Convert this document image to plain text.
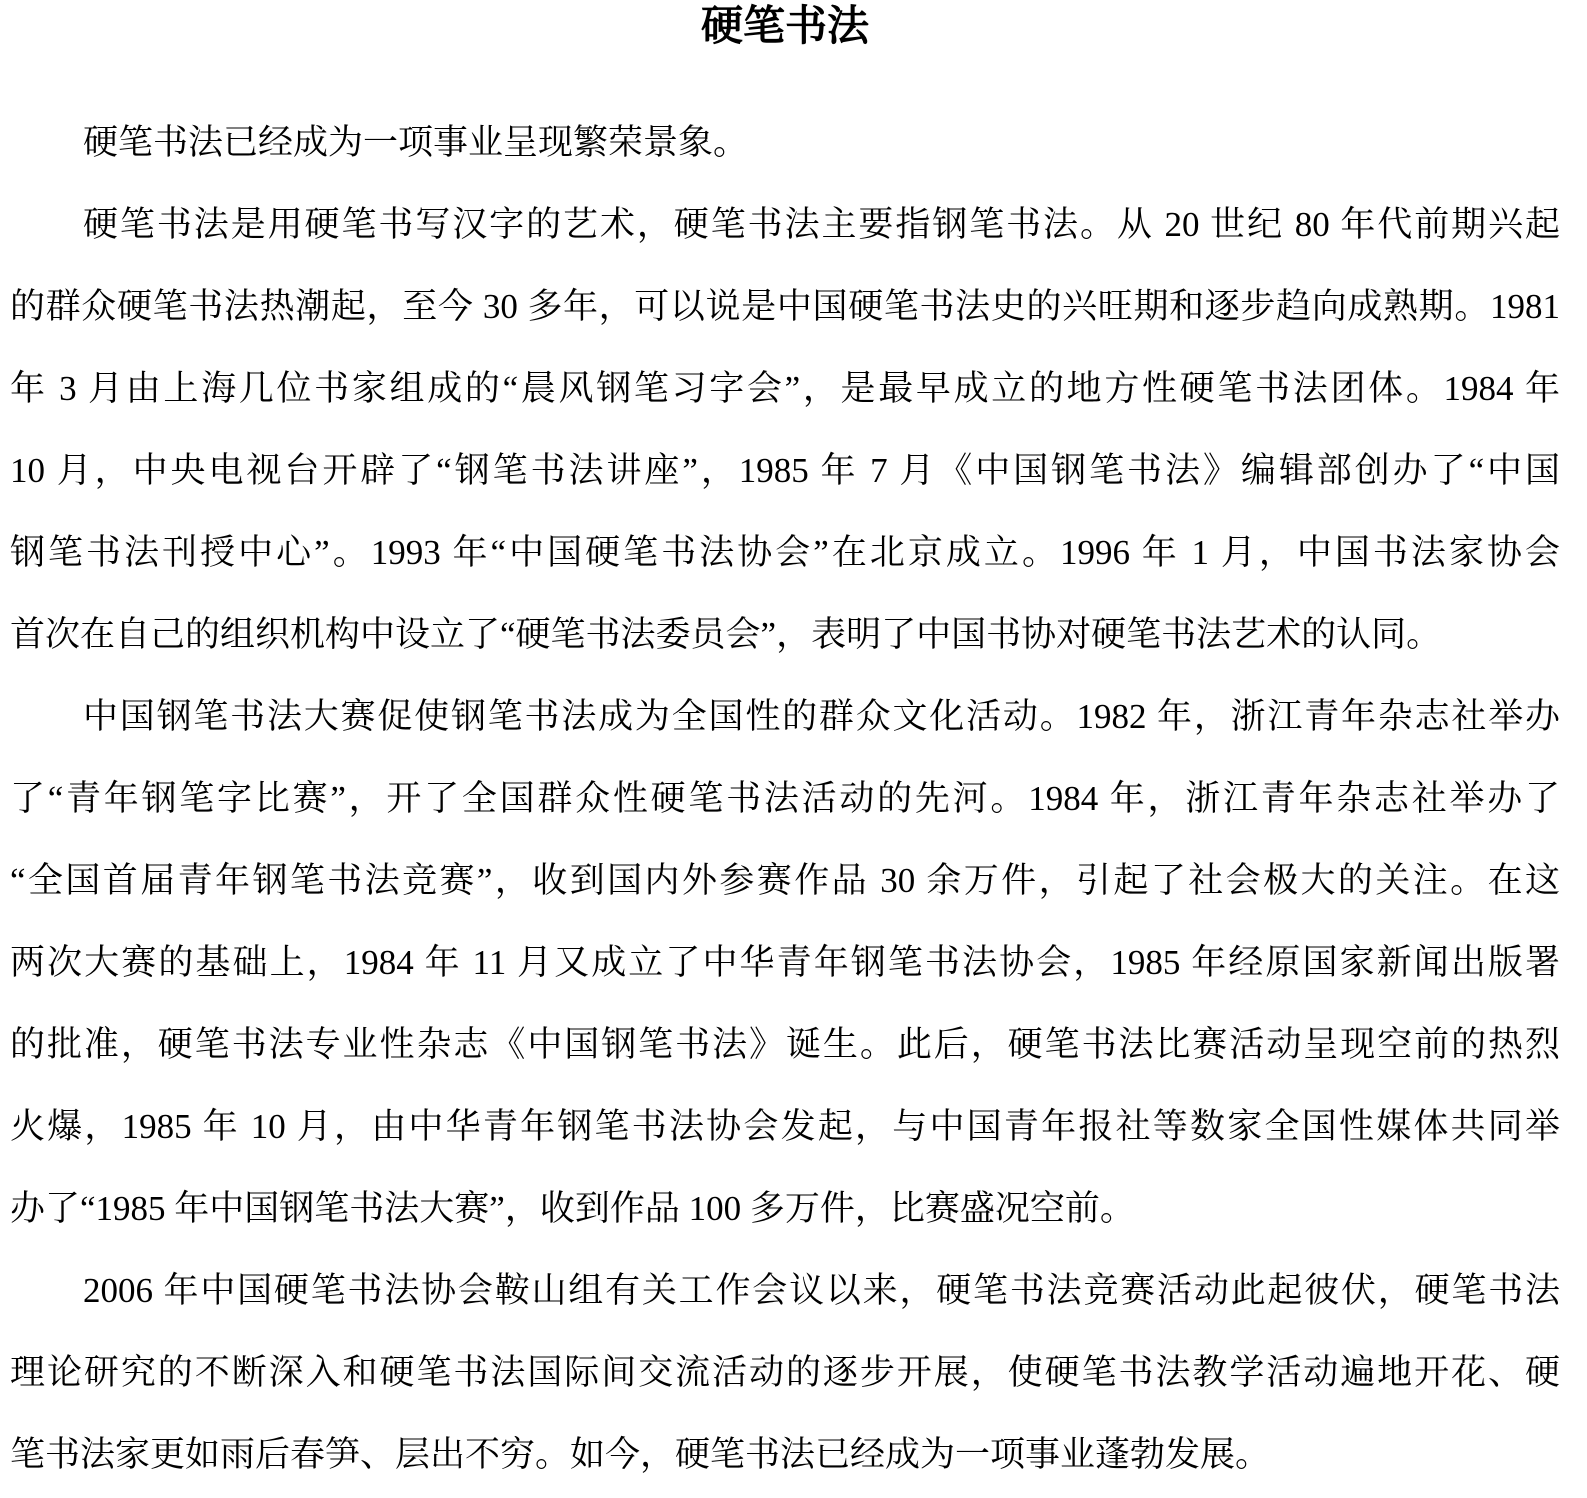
硬笔书法
硬笔书法已经成为一项事业呈现繁荣景象。
硬笔书法是用硬笔书写汉字的艺术，硬笔书法主要指钢笔书法。从 20 世纪 80 年代前期兴起
的群众硬笔书法热潮起，至今 30 多年，可以说是中国硬笔书法史的兴旺期和逐步趋向成熟期。1981
年 3 月由上海几位书家组成的“晨风钢笔习字会”，是最早成立的地方性硬笔书法团体。1984 年
10 月，中央电视台开辟了“钢笔书法讲座”，1985 年 7 月《中国钢笔书法》编辑部创办了“中国
钢笔书法刊授中心”。1993 年“中国硬笔书法协会”在北京成立。1996 年 1 月，中国书法家协会
首次在自己的组织机构中设立了“硬笔书法委员会”，表明了中国书协对硬笔书法艺术的认同。
中国钢笔书法大赛促使钢笔书法成为全国性的群众文化活动。1982 年，浙江青年杂志社举办
了“青年钢笔字比赛”，开了全国群众性硬笔书法活动的先河。1984 年，浙江青年杂志社举办了
“全国首届青年钢笔书法竞赛”，收到国内外参赛作品 30 余万件，引起了社会极大的关注。在这
两次大赛的基础上，1984 年 11 月又成立了中华青年钢笔书法协会，1985 年经原国家新闻出版署
的批准，硬笔书法专业性杂志《中国钢笔书法》诞生。此后，硬笔书法比赛活动呈现空前的热烈
火爆，1985 年 10 月，由中华青年钢笔书法协会发起，与中国青年报社等数家全国性媒体共同举
办了“1985 年中国钢笔书法大赛”，收到作品 100 多万件，比赛盛况空前。
2006 年中国硬笔书法协会鞍山组有关工作会议以来，硬笔书法竞赛活动此起彼伏，硬笔书法
理论研究的不断深入和硬笔书法国际间交流活动的逐步开展，使硬笔书法教学活动遍地开花、硬
笔书法家更如雨后春笋、层出不穷。如今，硬笔书法已经成为一项事业蓬勃发展。
